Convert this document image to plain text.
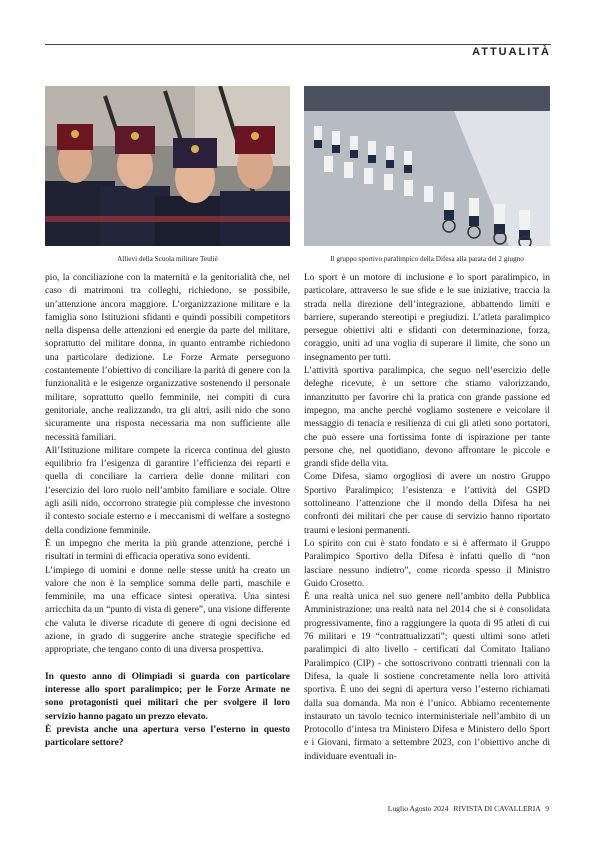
ATTUALITÀ
Allievi della Scuola militare Teuliè	Il gruppo sportivo paralimpico della Difesa alla parata del 2 giugno

pio, la conciliazione con la maternità e la genitorialità che, nel caso di matrimoni tra colleghi, richiedono, se possibile, un’attenzione ancora maggiore. L’organizzazione militare e la famiglia sono Istituzioni sfidanti e quindi possibili competitors nella dispensa delle attenzioni ed energie da parte del militare, soprattutto del militare donna, in quanto entrambe richiedono una particolare dedizione. Le Forze Armate perseguono costantemente l’obiettivo di conciliare la parità di genere con la funzionalità e le esigenze organizzative sostenendo il personale militare, soprattutto quello femminile, nei compiti di cura genitoriale, anche realizzando, tra gli altri, asili nido che sono sicuramente una risposta necessaria ma non sufficiente alle necessità familiari.

All’Istituzione militare compete la ricerca continua del giusto equilibrio fra l’esigenza di garantire l’efficienza dei reparti e quella di conciliare la carriera delle donne militari con l’esercizio del loro ruolo nell’ambito familiare e sociale. Oltre agli asili nido, occorrono strategie più complesse che investono il contesto sociale esterno e i meccanismi di welfare a sostegno della condizione femminile.

È un impegno che merita la più grande attenzione, perché i risultati in termini di efficacia operativa sono evidenti.

L’impiego di uomini e donne nelle stesse unità ha creato un valore che non è la semplice somma delle parti, maschile e femminile, ma una efficace sintesi operativa. Una sintesi arricchita da un “punto di vista di genere”, una visione differente che valuta le diverse ricadute di genere di ogni decisione ed azione, in grado di suggerire anche strategie specifiche ed appropriate, che tengano conto di una diversa prospettiva.

In questo anno di Olimpiadi si guarda con particolare interesse allo sport paralimpico; per le Forze Armate ne sono protagonisti quei militari che per svolgere il loro servizio hanno pagato un prezzo elevato.

È prevista anche una apertura verso l’esterno in questo particolare settore?

Lo sport è un motore di inclusione e lo sport paralimpico, in particolare, attraverso le sue sfide e le sue iniziative, traccia la strada nella direzione dell’integrazione, abbattendo limiti e barriere, superando stereotipi e pregiudizi. L’atleta paralimpico persegue obiettivi alti e sfidanti con determinazione, forza, coraggio, uniti ad una voglia di superare il limite, che sono un insegnamento per tutti.

L’attività sportiva paralimpica, che seguo nell’esercizio delle deleghe ricevute, è un settore che stiamo valorizzando, innanzitutto per favorire chi la pratica con grande passione ed impegno, ma anche perché vogliamo sostenere e veicolare il messaggio di tenacia e resilienza di cui gli atleti sono portatori, che può essere una fortissima fonte di ispirazione per tante persone che, nel quotidiano, devono affrontare le piccole e grandi sfide della vita.

Come Difesa, siamo orgogliosi di avere un nostro Gruppo Sportivo Paralimpico; l’esistenza e l’attività del GSPD sottolineano l’attenzione che il mondo della Difesa ha nei confronti dei militari che per cause di servizio hanno riportato traumi e lesioni permanenti.

Lo spirito con cui è stato fondato e si è affermato il Gruppo Paralimpico Sportivo della Difesa è infatti quello di “non lasciare nessuno indietro”, come ricorda spesso il Ministro Guido Crosetto.

È una realtà unica nel suo genere nell’ambito della Pubblica Amministrazione; una realtà nata nel 2014 che si è consolidata progressivamente, fino a raggiungere la quota di 95 atleti di cui 76 militari e 19 “contrattualizzati”; questi ultimi sono atleti paralimpici di alto livello - certificati dal Comitato Italiano Paralimpico (CIP) - che sottoscrivono contratti triennali con la Difesa, la quale li sostiene concretamente nella loro attività sportiva. È uno dei segni di apertura verso l’esterno richiamati dalla sua domanda. Ma non è l’unico. Abbiamo recentemente instaurato un tavolo tecnico interministeriale nell’ambito di un Protocollo d’intesa tra Ministero Difesa e Ministero dello Sport e i Giovani, firmato a settembre 2023, con l’obiettivo anche di individuare eventuali in-

Luglio Agosto 2024 RIVISTA DI CAVALLERIA 9
